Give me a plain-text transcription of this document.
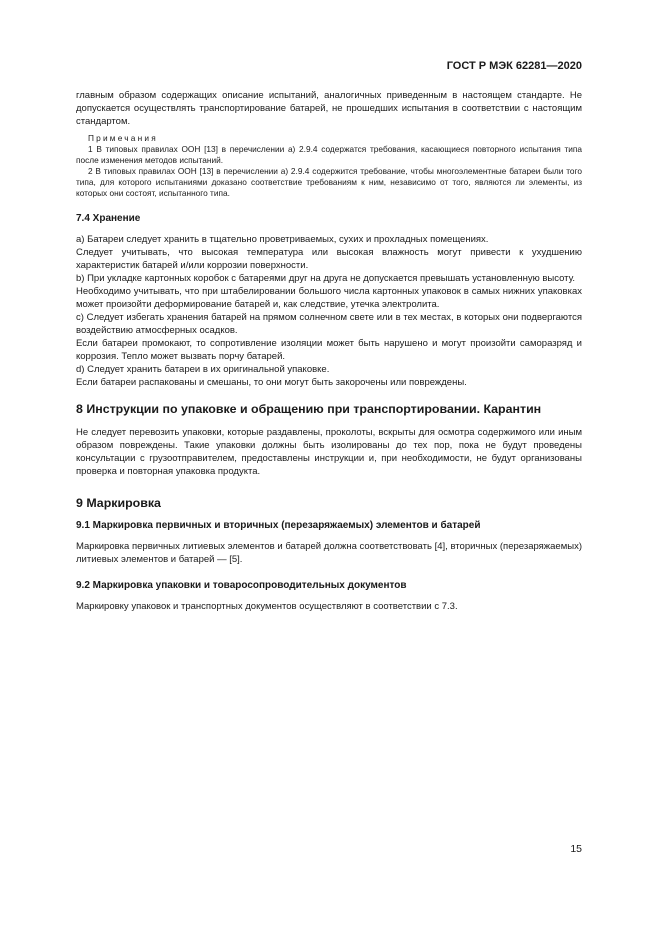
ГОСТ Р МЭК 62281—2020

главным образом содержащих описание испытаний, аналогичных приведенным в настоящем стандарте. Не допускается осуществлять транспортирование батарей, не прошедших испытания в соответствии с настоящим стандартом.

Примечания

1 В типовых правилах ООН [13] в перечислении а) 2.9.4 содержатся требования, касающиеся повторного испытания типа после изменения методов испытаний.

2 В типовых правилах ООН [13] в перечислении а) 2.9.4 содержится требование, чтобы многоэлементные батареи были того типа, для которого испытаниями доказано соответствие требованиям к ним, независимо от того, являются ли элементы, из которых они состоят, испытанного типа.

7.4 Хранение

а) Батареи следует хранить в тщательно проветриваемых, сухих и прохладных помещениях.

Следует учитывать, что высокая температура или высокая влажность могут привести к ухудшению характеристик батарей и/или коррозии поверхности.

b) При укладке картонных коробок с батареями друг на друга не допускается превышать установленную высоту.

Необходимо учитывать, что при штабелировании большого числа картонных упаковок в самых нижних упаковках может произойти деформирование батарей и, как следствие, утечка электролита.

с) Следует избегать хранения батарей на прямом солнечном свете или в тех местах, в которых они подвергаются воздействию атмосферных осадков.

Если батареи промокают, то сопротивление изоляции может быть нарушено и могут произойти саморазряд и коррозия. Тепло может вызвать порчу батарей.

d) Следует хранить батареи в их оригинальной упаковке.

Если батареи распакованы и смешаны, то они могут быть закорочены или повреждены.

8 Инструкции по упаковке и обращению при транспортировании. Карантин

Не следует перевозить упаковки, которые раздавлены, проколоты, вскрыты для осмотра содержимого или иным образом повреждены. Такие упаковки должны быть изолированы до тех пор, пока не будут проведены консультации с грузоотправителем, предоставлены инструкции и, при необходимости, не будут организованы проверка и повторная упаковка продукта.

9 Маркировка
9.1 Маркировка первичных и вторичных (перезаряжаемых) элементов и батарей

Маркировка первичных литиевых элементов и батарей должна соответствовать [4], вторичных (перезаряжаемых) литиевых элементов и батарей — [5].

9.2 Маркировка упаковки и товаросопроводительных документов

Маркировку упаковок и транспортных документов осуществляют в соответствии с 7.3.

15
